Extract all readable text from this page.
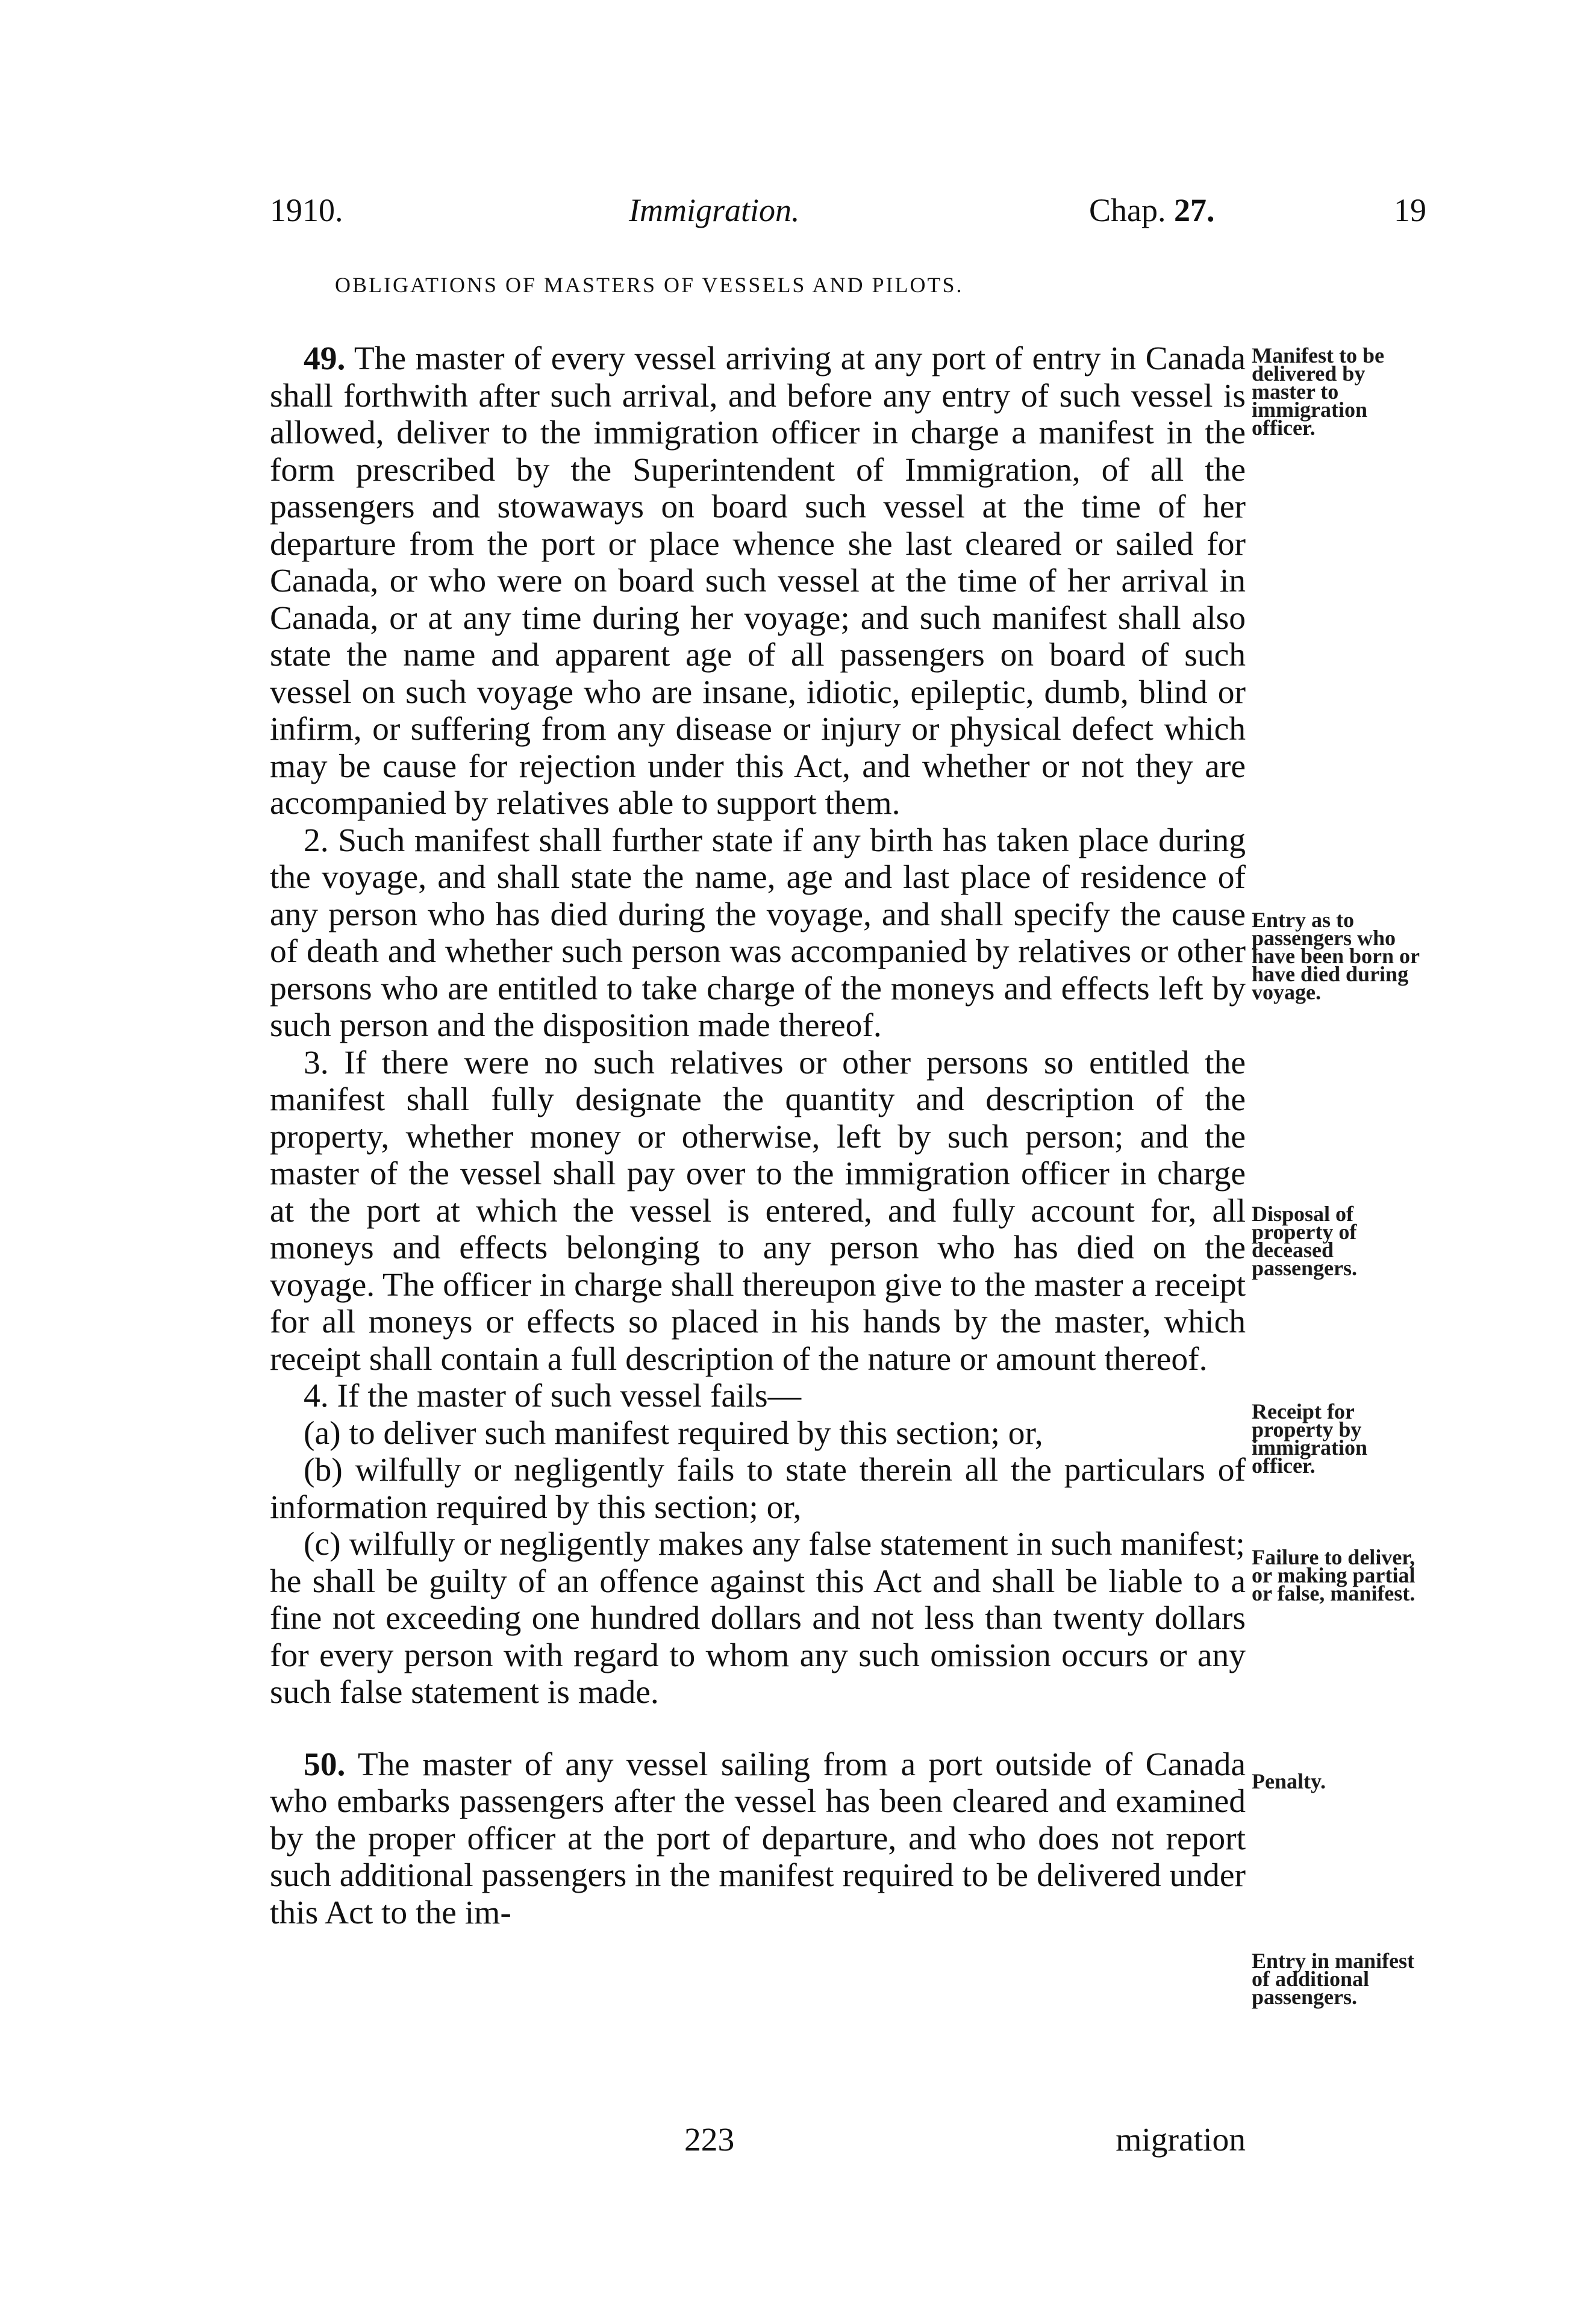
1910.	Immigration.	Chap. 27.	19
OBLIGATIONS OF MASTERS OF VESSELS AND PILOTS.

49. The master of every vessel arriving at any port of entry in Canada shall forthwith after such arrival, and before any entry of such vessel is allowed, deliver to the immigration officer in charge a manifest in the form prescribed by the Superintendent of Immigration, of all the passengers and stowaways on board such vessel at the time of her departure from the port or place whence she last cleared or sailed for Canada, or who were on board such vessel at the time of her arrival in Canada, or at any time during her voyage; and such manifest shall also state the name and apparent age of all passengers on board of such vessel on such voyage who are insane, idiotic, epileptic, dumb, blind or infirm, or suffering from any disease or injury or physical defect which may be cause for rejection under this Act, and whether or not they are accompanied by relatives able to support them.

2. Such manifest shall further state if any birth has taken place during the voyage, and shall state the name, age and last place of residence of any person who has died during the voyage, and shall specify the cause of death and whether such person was accompanied by relatives or other persons who are entitled to take charge of the moneys and effects left by such person and the disposition made thereof.

3. If there were no such relatives or other persons so entitled the manifest shall fully designate the quantity and description of the property, whether money or otherwise, left by such person; and the master of the vessel shall pay over to the immigration officer in charge at the port at which the vessel is entered, and fully account for, all moneys and effects belonging to any person who has died on the voyage. The officer in charge shall thereupon give to the master a receipt for all moneys or effects so placed in his hands by the master, which receipt shall contain a full description of the nature or amount thereof.

4. If the master of such vessel fails—

(a) to deliver such manifest required by this section; or,

(b) wilfully or negligently fails to state therein all the particulars of information required by this section; or,

(c) wilfully or negligently makes any false statement in such manifest;

he shall be guilty of an offence against this Act and shall be liable to a fine not exceeding one hundred dollars and not less than twenty dollars for every person with regard to whom any such omission occurs or any such false statement is made.

50. The master of any vessel sailing from a port outside of Canada who embarks passengers after the vessel has been cleared and examined by the proper officer at the port of departure, and who does not report such additional passengers in the manifest required to be delivered under this Act to the im-

223	migration
Manifest to be delivered by master to immigration officer.
Entry as to passengers who have been born or have died during voyage.
Disposal of property of deceased passengers.
Receipt for property by immigration officer.
Failure to deliver, or making partial or false, manifest.
Penalty.
Entry in manifest of additional passengers.
